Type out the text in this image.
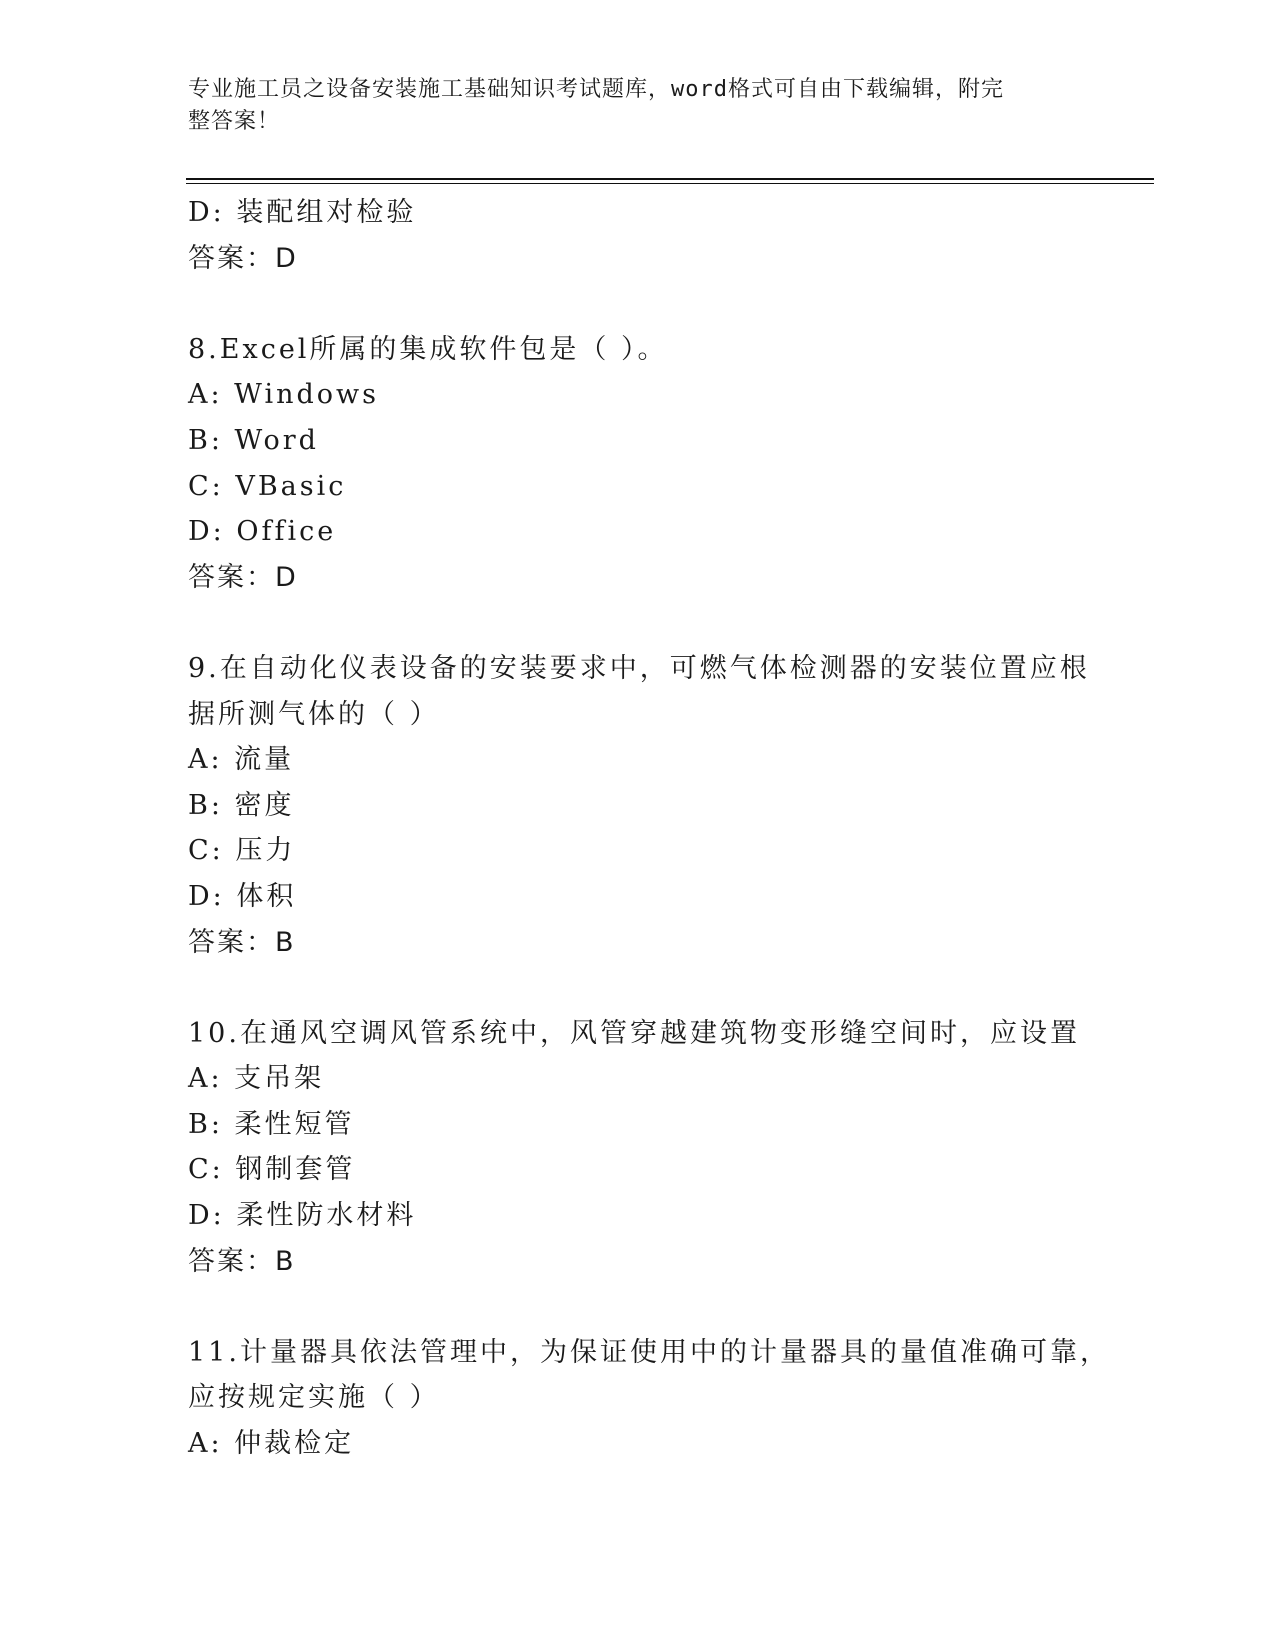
专业施工员之设备安装施工基础知识考试题库，word格式可自由下载编辑，附完
整答案！
D: 装配组对检验
答案：D
8.Excel所属的集成软件包是（ ）。
A: Windows
B: Word
C: VBasic
D: Office
答案：D
9.在自动化仪表设备的安装要求中，可燃气体检测器的安装位置应根
据所测气体的（ ）
A: 流量
B: 密度
C: 压力
D: 体积
答案：B
10.在通风空调风管系统中，风管穿越建筑物变形缝空间时，应设置
A: 支吊架
B: 柔性短管
C: 钢制套管
D: 柔性防水材料
答案：B
11.计量器具依法管理中，为保证使用中的计量器具的量值准确可靠，
应按规定实施（ ）
A: 仲裁检定
